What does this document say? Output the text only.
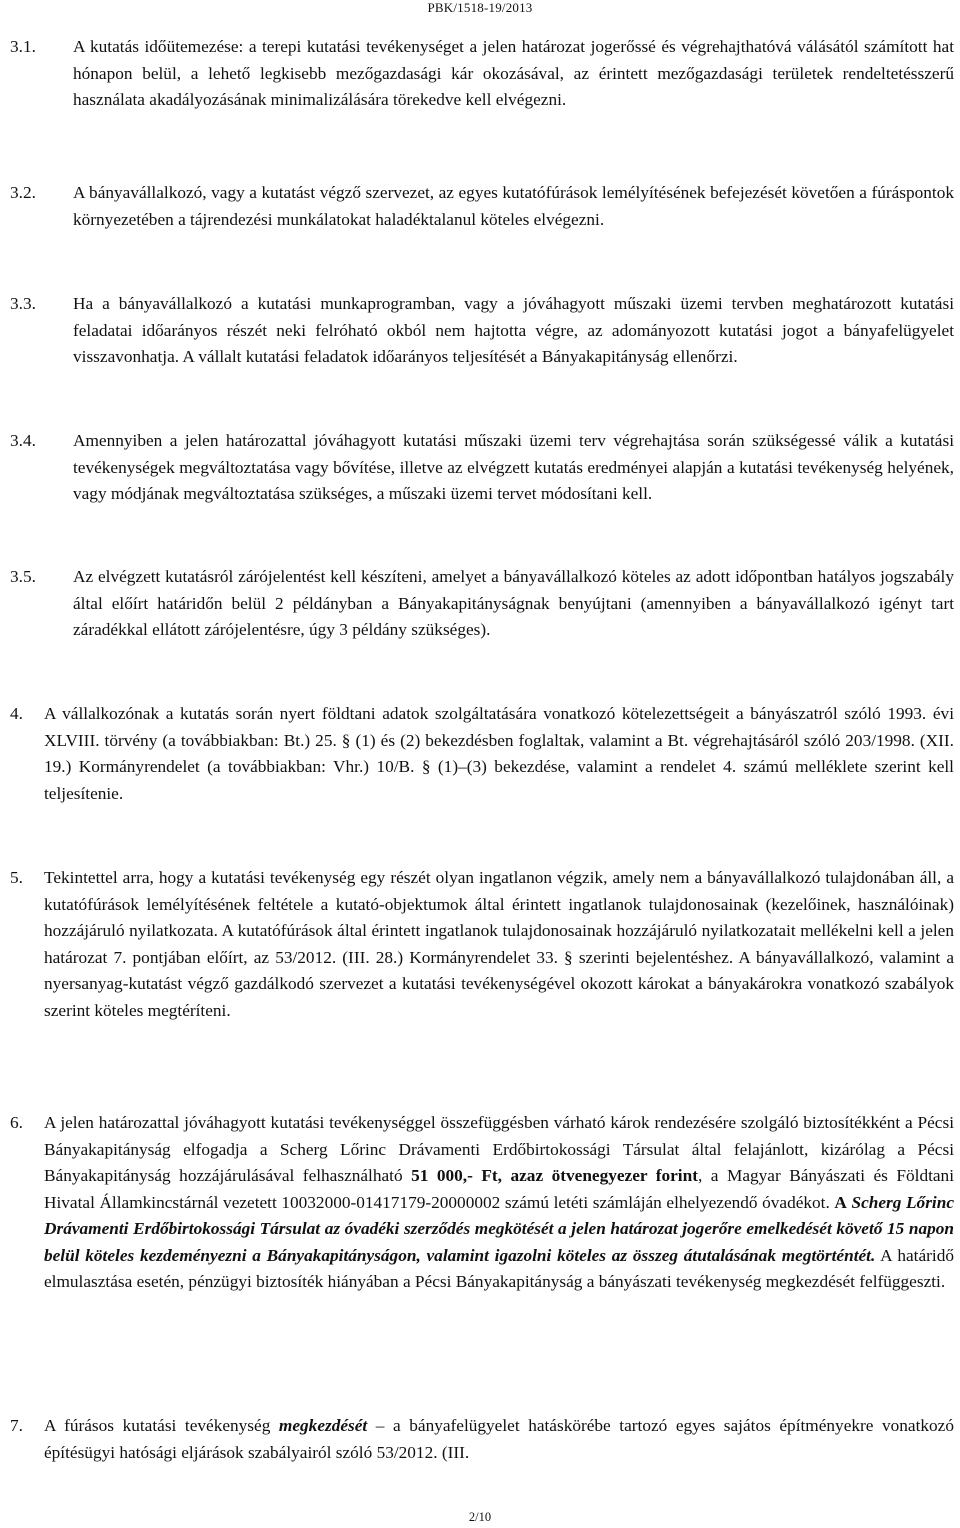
PBK/1518-19/2013
3.1. A kutatás időütemezése: a terepi kutatási tevékenységet a jelen határozat jogerőssé és végrehajthatóvá válásától számított hat hónapon belül, a lehető legkisebb mezőgazdasági kár okozásával, az érintett mezőgazdasági területek rendeltetésszerű használata akadályozásának minimalizálására törekedve kell elvégezni.
3.2. A bányavállalkozó, vagy a kutatást végző szervezet, az egyes kutatófúrások lemélyítésének befejezését követően a fúráspontok környezetében a tájrendezési munkálatokat haladéktalanul köteles elvégezni.
3.3. Ha a bányavállalkozó a kutatási munkaprogramban, vagy a jóváhagyott műszaki üzemi tervben meghatározott kutatási feladatai időarányos részét neki felróható okból nem hajtotta végre, az adományozott kutatási jogot a bányafelügyelet visszavonhatja. A vállalt kutatási feladatok időarányos teljesítését a Bányakapitányság ellenőrzi.
3.4. Amennyiben a jelen határozattal jóváhagyott kutatási műszaki üzemi terv végrehajtása során szükségessé válik a kutatási tevékenységek megváltoztatása vagy bővítése, illetve az elvégzett kutatás eredményei alapján a kutatási tevékenység helyének, vagy módjának megváltoztatása szükséges, a műszaki üzemi tervet módosítani kell.
3.5. Az elvégzett kutatásról zárójelentést kell készíteni, amelyet a bányavállalkozó köteles az adott időpontban hatályos jogszabály által előírt határidőn belül 2 példányban a Bányakapitányságnak benyújtani (amennyiben a bányavállalkozó igényt tart záradékkal ellátott zárójelentésre, úgy 3 példány szükséges).
4. A vállalkozónak a kutatás során nyert földtani adatok szolgáltatására vonatkozó kötelezettségeit a bányászatról szóló 1993. évi XLVIII. törvény (a továbbiakban: Bt.) 25. § (1) és (2) bekezdésben foglaltak, valamint a Bt. végrehajtásáról szóló 203/1998. (XII. 19.) Kormányrendelet (a továbbiakban: Vhr.) 10/B. § (1)–(3) bekezdése, valamint a rendelet 4. számú melléklete szerint kell teljesítenie.
5.	Tekintettel arra, hogy a kutatási tevékenység egy részét olyan ingatlanon végzik, amely nem a bányavállalkozó tulajdonában áll, a kutatófúrások lemélyítésének feltétele a kutató-objektumok által érintett ingatlanok tulajdonosainak (kezelőinek, használóinak) hozzájáruló nyilatkozata. A kutatófúrások által érintett ingatlanok tulajdonosainak hozzájáruló nyilatkozatait mellékelni kell a jelen határozat 7. pontjában előírt, az 53/2012. (III. 28.) Kormányrendelet 33. § szerinti bejelentéshez. A bányavállalkozó, valamint a nyersanyag-kutatást végző gazdálkodó szervezet a kutatási tevékenységével okozott károkat a bányakárokra vonatkozó szabályok szerint köteles megtéríteni.
6. A jelen határozattal jóváhagyott kutatási tevékenységgel összefüggésben várható károk rendezésére szolgáló biztosítékként a Pécsi Bányakapitányság elfogadja a Scherg Lőrinc Drávamenti Erdőbirtokossági Társulat által felajánlott, kizárólag a Pécsi Bányakapitányság hozzájárulásával felhasználható 51 000,- Ft, azaz ötvenegyezer forint, a Magyar Bányászati és Földtani Hivatal Államkincstárnál vezetett 10032000-01417179-20000002 számú letéti számláján elhelyezendő óvadékot. A Scherg Lőrinc Drávamenti Erdőbirtokossági Társulat az óvadéki szerződés megkötését a jelen határozat jogerőre emelkedését követő 15 napon belül köteles kezdeményezni a Bányakapitányságon, valamint igazolni köteles az összeg átutalásának megtörténtét. A határidő elmulasztása esetén, pénzügyi biztosíték hiányában a Pécsi Bányakapitányság a bányászati tevékenység megkezdését felfüggeszti.
7. A fúrásos kutatási tevékenység megkezdését – a bányafelügyelet hatáskörébe tartozó egyes sajátos építményekre vonatkozó építésügyi hatósági eljárások szabályairól szóló 53/2012. (III.
2/10
